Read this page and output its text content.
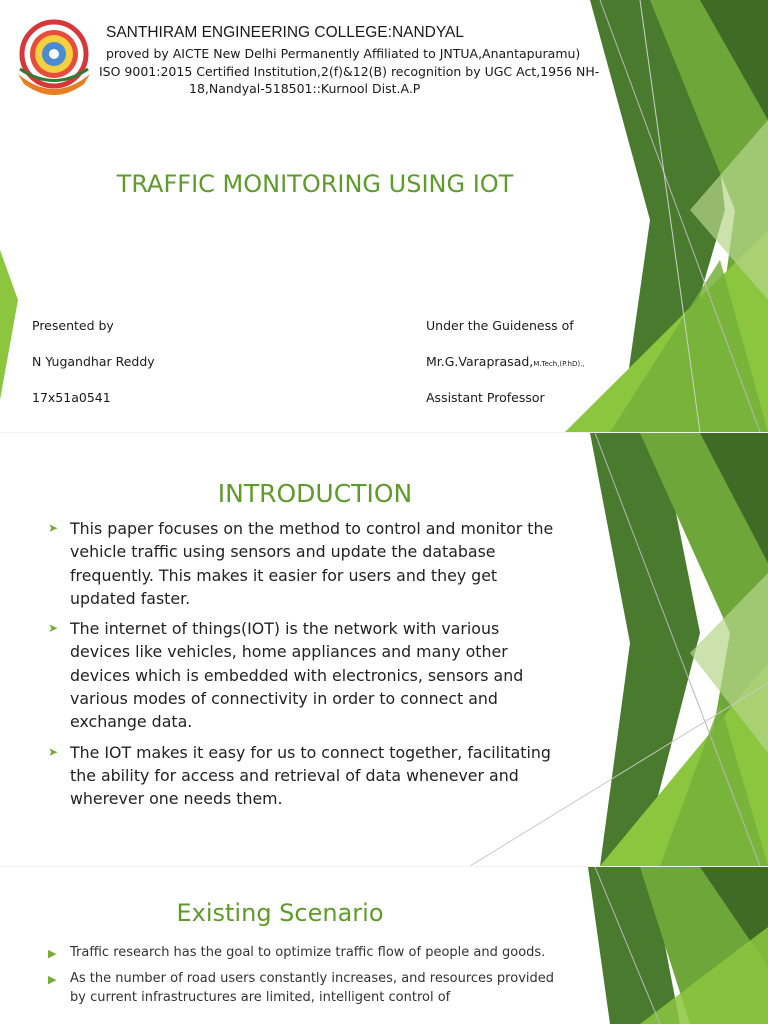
SANTHIRAM ENGINEERING COLLEGE:NANDYAL
proved by AICTE New Delhi Permanently Affiliated to JNTUA,Anantapuramu)
ISO 9001:2015 Certified Institution,2(f)&12(B) recognition by UGC Act,1956 NH-
18,Nandyal-518501::Kurnool Dist.A.P
TRAFFIC MONITORING USING IOT
Presented by
N Yugandhar Reddy
17x51a0541
Under the Guideness of
Mr.G.Varaprasad,M.Tech,(P.hD).,
Assistant Professor
INTRODUCTION
➤ This paper focuses on the method to control and monitor the vehicle traffic using sensors and update the database frequently. This makes it easier for users and they get updated faster.
➤ The internet of things(IOT) is the network with various devices like vehicles, home appliances and many other devices which is embedded with electronics, sensors and various modes of connectivity in order to connect and exchange data.
➤ The IOT makes it easy for us to connect together, facilitating the ability for access and retrieval of data whenever and wherever one needs them.
Existing Scenario
▶ Traffic research has the goal to optimize traffic flow of people and goods.
▶ As the number of road users constantly increases, and resources provided by current infrastructures are limited, intelligent control of
